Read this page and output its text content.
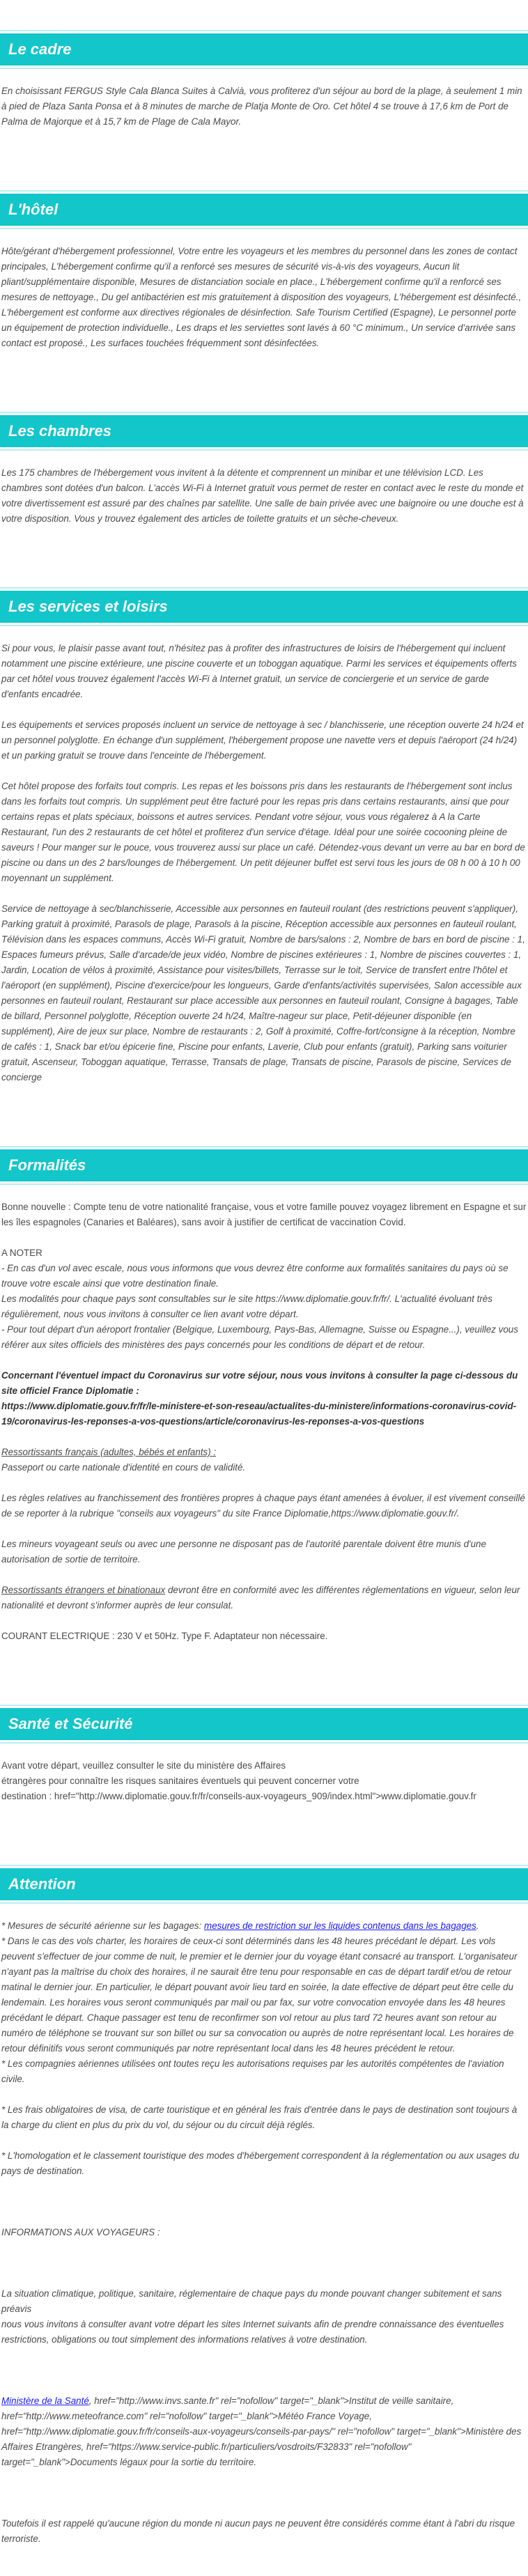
Le cadre

En choisissant FERGUS Style Cala Blanca Suites à Calvià, vous profiterez d'un séjour au bord de la plage, à seulement 1 min à pied de Plaza Santa Ponsa et à 8 minutes de marche de Platja Monte de Oro. Cet hôtel 4 se trouve à 17,6 km de Port de Palma de Majorque et à 15,7 km de Plage de Cala Mayor.

L'hôtel

Hôte/gérant d'hébergement professionnel, Votre entre les voyageurs et les membres du personnel dans les zones de contact principales, L'hébergement confirme qu'il a renforcé ses mesures de sécurité vis-à-vis des voyageurs, Aucun lit pliant/supplémentaire disponible, Mesures de distanciation sociale en place., L'hébergement confirme qu'il a renforcé ses mesures de nettoyage., Du gel antibactérien est mis gratuitement à disposition des voyageurs, L'hébergement est désinfecté., L'hébergement est conforme aux directives régionales de désinfection. Safe Tourism Certified (Espagne), Le personnel porte un équipement de protection individuelle., Les draps et les serviettes sont lavés à 60 °C minimum., Un service d'arrivée sans contact est proposé., Les surfaces touchées fréquemment sont désinfectées.

Les chambres

Les 175 chambres de l'hébergement vous invitent à la détente et comprennent un minibar et une télévision LCD. Les chambres sont dotées d'un balcon. L'accès Wi-Fi à Internet gratuit vous permet de rester en contact avec le reste du monde et votre divertissement est assuré par des chaînes par satellite. Une salle de bain privée avec une baignoire ou une douche est à votre disposition. Vous y trouvez également des articles de toilette gratuits et un sèche-cheveux.

Les services et loisirs

Si pour vous, le plaisir passe avant tout, n'hésitez pas à profiter des infrastructures de loisirs de l'hébergement qui incluent notamment une piscine extérieure, une piscine couverte et un toboggan aquatique. Parmi les services et équipements offerts par cet hôtel vous trouvez également l'accès Wi-Fi à Internet gratuit, un service de conciergerie et un service de garde d'enfants encadrée.

Les équipements et services proposés incluent un service de nettoyage à sec / blanchisserie, une réception ouverte 24 h/24 et un personnel polyglotte. En échange d'un supplément, l'hébergement propose une navette vers et depuis l'aéroport (24 h/24) et un parking gratuit se trouve dans l'enceinte de l'hébergement.

Cet hôtel propose des forfaits tout compris. Les repas et les boissons pris dans les restaurants de l'hébergement sont inclus dans les forfaits tout compris. Un supplément peut être facturé pour les repas pris dans certains restaurants, ainsi que pour certains repas et plats spéciaux, boissons et autres services. Pendant votre séjour, vous vous régalerez à A la Carte Restaurant, l'un des 2 restaurants de cet hôtel et profiterez d'un service d'étage. Idéal pour une soirée cocooning pleine de saveurs ! Pour manger sur le pouce, vous trouverez aussi sur place un café. Détendez-vous devant un verre au bar en bord de piscine ou dans un des 2 bars/lounges de l'hébergement. Un petit déjeuner buffet est servi tous les jours de 08 h 00 à 10 h 00 moyennant un supplément.

Service de nettoyage à sec/blanchisserie, Accessible aux personnes en fauteuil roulant (des restrictions peuvent s'appliquer), Parking gratuit à proximité, Parasols de plage, Parasols à la piscine, Réception accessible aux personnes en fauteuil roulant, Télévision dans les espaces communs, Accès Wi-Fi gratuit, Nombre de bars/salons : 2, Nombre de bars en bord de piscine : 1, Espaces fumeurs prévus, Salle d'arcade/de jeux vidéo, Nombre de piscines extérieures : 1, Nombre de piscines couvertes : 1, Jardin, Location de vélos à proximité, Assistance pour visites/billets, Terrasse sur le toit, Service de transfert entre l'hôtel et l'aéroport (en supplément), Piscine d'exercice/pour les longueurs, Garde d'enfants/activités supervisées, Salon accessible aux personnes en fauteuil roulant, Restaurant sur place accessible aux personnes en fauteuil roulant, Consigne à bagages, Table de billard, Personnel polyglotte, Réception ouverte 24 h/24, Maître-nageur sur place, Petit-déjeuner disponible (en supplément), Aire de jeux sur place, Nombre de restaurants : 2, Golf à proximité, Coffre-fort/consigne à la réception, Nombre de cafés : 1, Snack bar et/ou épicerie fine, Piscine pour enfants, Laverie, Club pour enfants (gratuit), Parking sans voiturier gratuit, Ascenseur, Toboggan aquatique, Terrasse, Transats de plage, Transats de piscine, Parasols de piscine, Services de concierge

Formalités

Bonne nouvelle : Compte tenu de votre nationalité française, vous et votre famille pouvez voyagez librement en Espagne et sur les îles espagnoles (Canaries et Baléares), sans avoir à justifier de certificat de vaccination Covid.

A NOTER

- En cas d'un vol avec escale, nous vous informons que vous devrez être conforme aux formalités sanitaires du pays où se trouve votre escale ainsi que votre destination finale.

Les modalités pour chaque pays sont consultables sur le site https://www.diplomatie.gouv.fr/fr/. L'actualité évoluant très régulièrement, nous vous invitons à consulter ce lien avant votre départ.

- Pour tout départ d'un aéroport frontalier (Belgique, Luxembourg, Pays-Bas, Allemagne, Suisse ou Espagne...), veuillez vous référer aux sites officiels des ministères des pays concernés pour les conditions de départ et de retour.

Concernant l'éventuel impact du Coronavirus sur votre séjour, nous vous invitons à consulter la page ci-dessous du site officiel France Diplomatie :

https://www.diplomatie.gouv.fr/fr/le-ministere-et-son-reseau/actualites-du-ministere/informations-coronavirus-covid-19/coronavirus-les-reponses-a-vos-questions/article/coronavirus-les-reponses-a-vos-questions

Ressortissants français (adultes, bébés et enfants) :

Passeport ou carte nationale d'identité en cours de validité.

Les règles relatives au franchissement des frontières propres à chaque pays étant amenées à évoluer, il est vivement conseillé de se reporter à la rubrique "conseils aux voyageurs" du site France Diplomatie,https://www.diplomatie.gouv.fr/.

Les mineurs voyageant seuls ou avec une personne ne disposant pas de l'autorité parentale doivent être munis d'une autorisation de sortie de territoire.

Ressortissants étrangers et binationaux devront être en conformité avec les différentes réglementations en vigueur, selon leur nationalité et devront s'informer auprès de leur consulat.

COURANT ELECTRIQUE : 230 V et 50Hz. Type F. Adaptateur non nécessaire.

Santé et Sécurité

Avant votre départ, veuillez consulter le site du ministère des Affaires

étrangères pour connaître les risques sanitaires éventuels qui peuvent concerner votre

destination : href="http://www.diplomatie.gouv.fr/fr/conseils-aux-voyageurs_909/index.html">www.diplomatie.gouv.fr

Attention

* Mesures de sécurité aérienne sur les bagages: mesures de restriction sur les liquides contenus dans les bagages.

* Dans le cas des vols charter, les horaires de ceux-ci sont déterminés dans les 48 heures précédant le départ. Les vols peuvent s'effectuer de jour comme de nuit, le premier et le dernier jour du voyage étant consacré au transport. L'organisateur n'ayant pas la maîtrise du choix des horaires, il ne saurait être tenu pour responsable en cas de départ tardif et/ou de retour matinal le dernier jour. En particulier, le départ pouvant avoir lieu tard en soirée, la date effective de départ peut être celle du lendemain. Les horaires vous seront communiqués par mail ou par fax, sur votre convocation envoyée dans les 48 heures précédant le départ. Chaque passager est tenu de reconfirmer son vol retour au plus tard 72 heures avant son retour au numéro de téléphone se trouvant sur son billet ou sur sa convocation ou auprès de notre représentant local. Les horaires de retour définitifs vous seront communiqués par notre représentant local dans les 48 heures précédent le retour.

* Les compagnies aériennes utilisées ont toutes reçu les autorisations requises par les autorités compétentes de l'aviation civile.

* Les frais obligatoires de visa, de carte touristique et en général les frais d'entrée dans le pays de destination sont toujours à la charge du client en plus du prix du vol, du séjour ou du circuit déjà réglés.

* L'homologation et le classement touristique des modes d'hébergement correspondent à la réglementation ou aux usages du pays de destination.

INFORMATIONS AUX VOYAGEURS :

La situation climatique, politique, sanitaire, réglementaire de chaque pays du monde pouvant changer subitement et sans préavis

nous vous invitons à consulter avant votre départ les sites Internet suivants afin de prendre connaissance des éventuelles restrictions, obligations ou tout simplement des informations relatives à votre destination.

Ministère de la Santé, href="http://www.invs.sante.fr" rel="nofollow" target="_blank">Institut de veille sanitaire, href="http://www.meteofrance.com" rel="nofollow" target="_blank">Météo France Voyage, href="http://www.diplomatie.gouv.fr/fr/conseils-aux-voyageurs/conseils-par-pays/" rel="nofollow" target="_blank">Ministère des Affaires Etrangères, href="https://www.service-public.fr/particuliers/vosdroits/F32833" rel="nofollow" target="_blank">Documents légaux pour la sortie du territoire.

Toutefois il est rappelé qu'aucune région du monde ni aucun pays ne peuvent être considérés comme étant à l'abri du risque terroriste.
